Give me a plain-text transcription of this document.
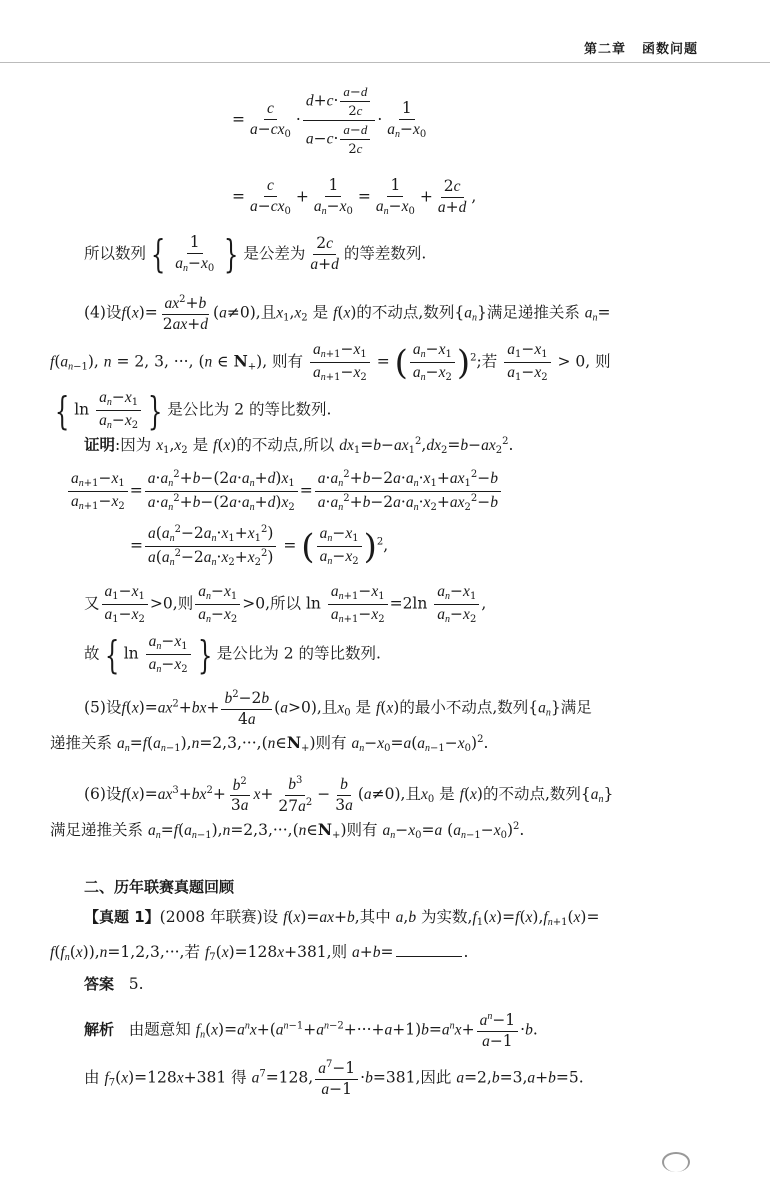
第二章 函数问题
= $\frac{c}{a-cx_0} \cdot \frac{d+c\cdot \frac{a-d}{2c}}{a-c\cdot \frac{a-d}{2c}} \cdot \frac{1}{a_n-x_0}$
= $\frac{c}{a-cx_0} + \frac{1}{a_n-x_0} = \frac{1}{a_n-x_0} + \frac{2c}{a+d}$ ,
所以数列 { $\frac{1}{a_n-x_0}$ } 是公差为 $\frac{2c}{a+d}$ 的等差数列.
(4)设$f(x)= \frac{ax^2+b}{2ax+d} (a\ne 0)$,且$x_1,x_2$ 是 f(x)的不动点,数列$\{a_n\}$满足递推关系 $a_n=$
$f(a_{n-1})$, n = 2, 3, ···, (n ∈ $N_+$), 则有 $\frac{a_{n+1}-x_1}{a_{n+1}-x_2}$ = ( $\frac{a_n-x_1}{a_n-x_2} )^2$;若 $\frac{a_1-x_1}{a_1-x_2} > 0$, 则
{ $\ln \frac{a_n-x_1}{a_n-x_2}$ } 是公比为 2 的等比数列.
证明:因为 $x_1,x_2$ 是 f(x)的不动点,所以 $dx_1=b-ax_1^2,dx_2=b-ax_2^2$.
$\frac{a_{n+1}-x_1}{a_{n+1}-x_2} = \frac{a\cdot a_n^2+b-(2a\cdot a_n+d)x_1}{a\cdot a_n^2+b-(2a\cdot a_n+d)x_2} = \frac{a\cdot a_n^2+b-2a\cdot a_n\cdot x_1+ax_1^2-b}{a\cdot a_n^2+b-2a\cdot a_n\cdot x_2+ax_2^2-b}$
= $\frac{a(a_n^2-2a_n\cdot x_1+x_1^2)}{a(a_n^2-2a_n\cdot x_2+x_2^2)}$ = ( $\frac{a_n-x_1}{a_n-x_2} )^2$,
又 $\frac{a_1-x_1}{a_1-x_2} >0$,则 $\frac{a_n-x_1}{a_n-x_2} >0$,所以 $\ln \frac{a_{n+1}-x_1}{a_{n+1}-x_2} =2\ln \frac{a_n-x_1}{a_n-x_2}$ ,
故 { $\ln \frac{a_n-x_1}{a_n-x_2}$ } 是公比为 2 的等比数列.
(5)设$f(x)=ax^2+bx+ \frac{b^2-2b}{4a} (a>0)$,且$x_0$ 是 f(x)的最小不动点,数列$\{a_n\}$满足
递推关系 $a_n=f(a_{n-1}),n=2,3,\cdot\cdot\cdot,(n\in N_+)$则有 $a_n-x_0=a(a_{n-1}-x_0)^2$.
(6)设$f(x)=ax^3+bx^2+ \frac{b^2}{3a} x+ \frac{b^3}{27a^2} - \frac{b}{3a} (a\ne 0)$,且$x_0$ 是 f(x)的不动点,数列$\{a_n\}$
满足递推关系 $a_n=f(a_{n-1}),n=2,3,\cdot\cdot\cdot,(n\in N_+)$则有 $a_n-x_0=a$ $(a_{n-1}-x_0)^2$.
二、历年联赛真题回顾
【真题 1】(2008 年联赛)设 f(x)=ax+b,其中 a,b 为实数$,f_1(x)=f(x),f_{n+1}(x)=$
$f(f_n(x)),n=1,2,3,\cdot\cdot\cdot$,若 $f_7(x)=128x+381$,则 a+b=	.
答案 5.
解析 由题意知 $f_n(x)=a^nx+(a^{n-1}+a^{n-2}+\cdot\cdot\cdot+a+1)b=a^nx+ \frac{a^n-1}{a-1} \cdot b$.
由 $f_7(x)=128x+381$ 得 $a^7=128$, $\frac{a^7-1}{a-1} \cdot b=381$,因此 a=2,b=3,a+b=5.
